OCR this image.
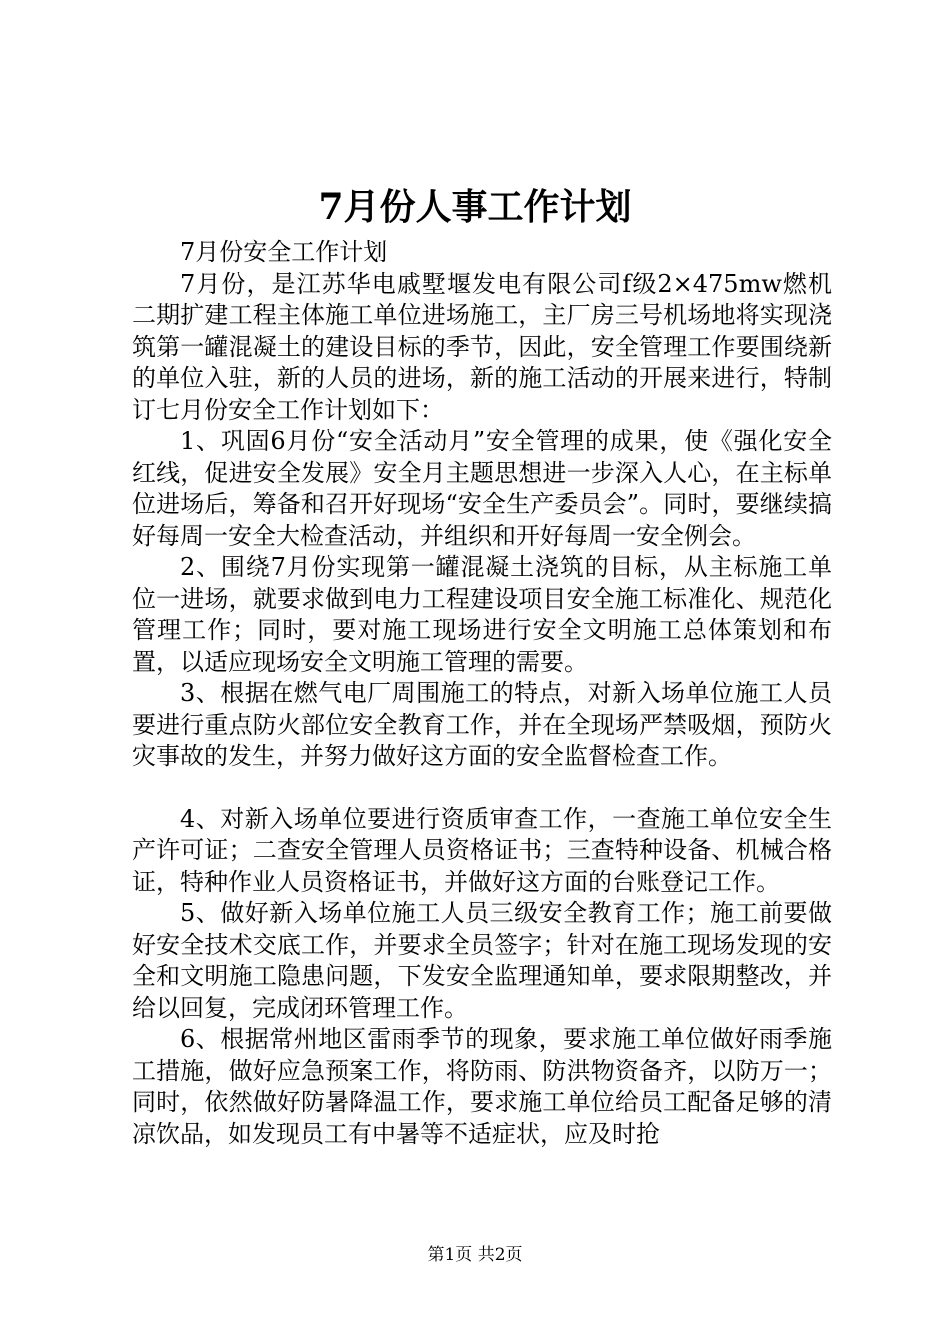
7月份人事工作计划

7月份安全工作计划

7月份，是江苏华电戚墅堰发电有限公司f级2×475mw燃机二期扩建工程主体施工单位进场施工，主厂房三号机场地将实现浇筑第一罐混凝土的建设目标的季节，因此，安全管理工作要围绕新的单位入驻，新的人员的进场，新的施工活动的开展来进行，特制订七月份安全工作计划如下：

1、巩固6月份“安全活动月”安全管理的成果，使《强化安全红线，促进安全发展》安全月主题思想进一步深入人心，在主标单位进场后，筹备和召开好现场“安全生产委员会”。同时，要继续搞好每周一安全大检查活动，并组织和开好每周一安全例会。

2、围绕7月份实现第一罐混凝土浇筑的目标，从主标施工单位一进场，就要求做到电力工程建设项目安全施工标准化、规范化管理工作；同时，要对施工现场进行安全文明施工总体策划和布置，以适应现场安全文明施工管理的需要。

3、根据在燃气电厂周围施工的特点，对新入场单位施工人员要进行重点防火部位安全教育工作，并在全现场严禁吸烟，预防火灾事故的发生，并努力做好这方面的安全监督检查工作。

4、对新入场单位要进行资质审查工作，一查施工单位安全生产许可证；二查安全管理人员资格证书；三查特种设备、机械合格证，特种作业人员资格证书，并做好这方面的台账登记工作。

5、做好新入场单位施工人员三级安全教育工作；施工前要做好安全技术交底工作，并要求全员签字；针对在施工现场发现的安全和文明施工隐患问题，下发安全监理通知单，要求限期整改，并给以回复，完成闭环管理工作。

6、根据常州地区雷雨季节的现象，要求施工单位做好雨季施工措施，做好应急预案工作，将防雨、防洪物资备齐，以防万一；同时，依然做好防暑降温工作，要求施工单位给员工配备足够的清凉饮品，如发现员工有中暑等不适症状，应及时抢

第1页 共2页
